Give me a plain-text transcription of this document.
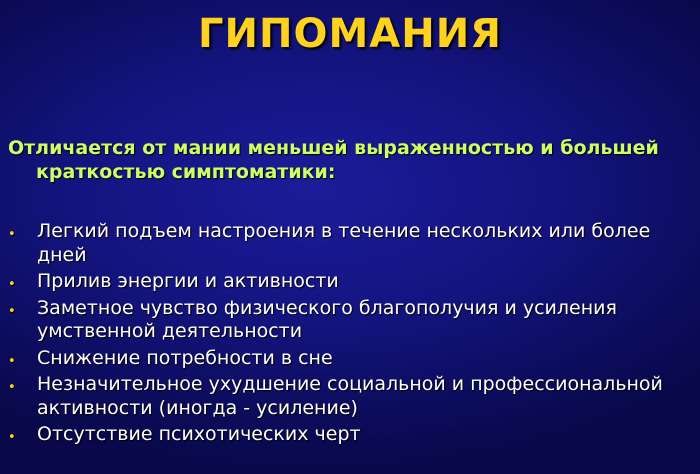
ГИПОМАНИЯ

Отличается от мании меньшей выраженностью и большей
краткостью симптоматики:

• Легкий подъем настроения в течение нескольких или более дней
• Прилив энергии и активности
• Заметное чувство физического благополучия и усиления умственной деятельности
• Снижение потребности в сне
• Незначительное ухудшение социальной и профессиональной активности (иногда - усиление)
• Отсутствие психотических черт
